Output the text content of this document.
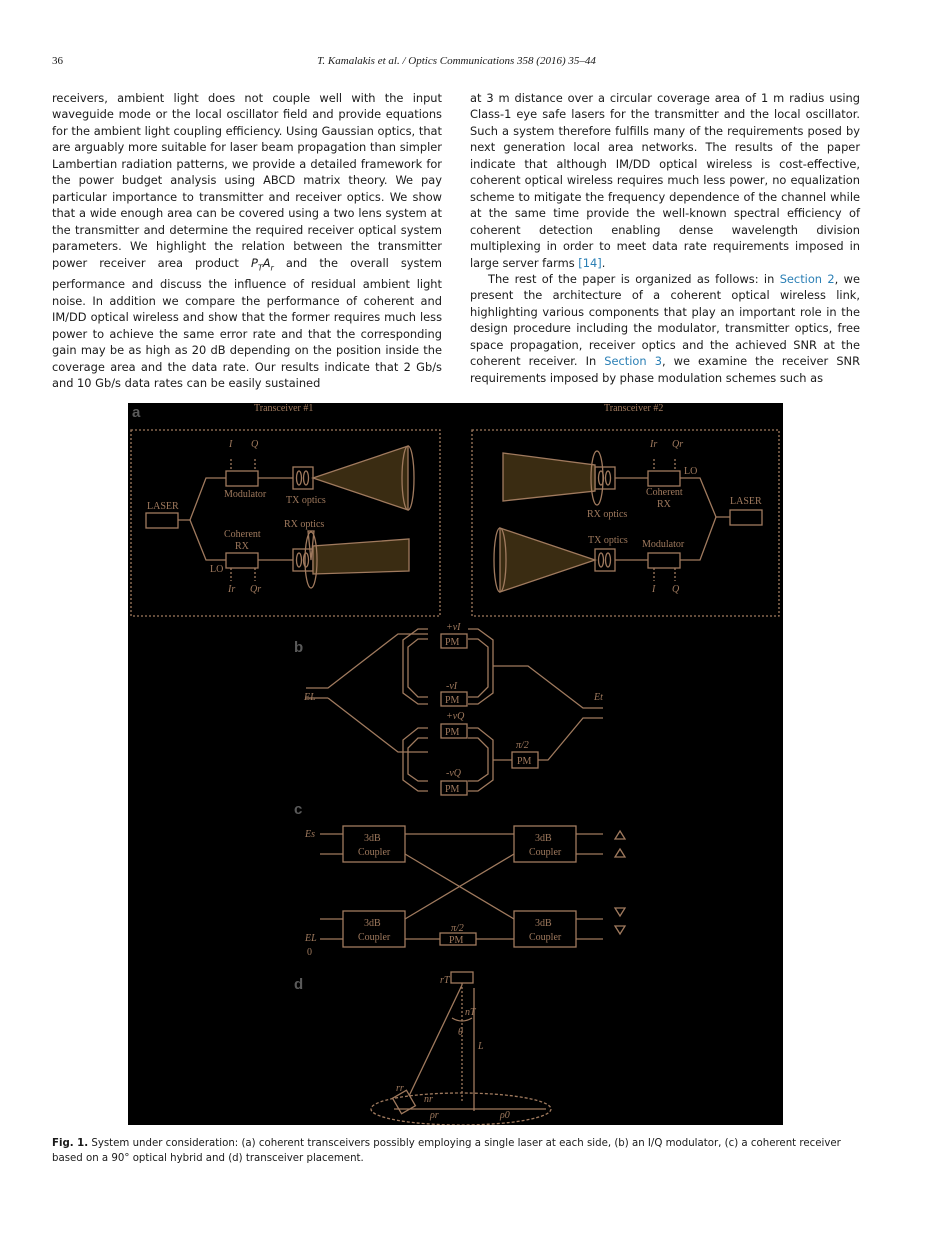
36	T. Kamalakis et al. / Optics Communications 358 (2016) 35–44

receivers, ambient light does not couple well with the input waveguide mode or the local oscillator field and provide equations for the ambient light coupling efficiency. Using Gaussian optics, that are arguably more suitable for laser beam propagation than simpler Lambertian radiation patterns, we provide a detailed framework for the power budget analysis using ABCD matrix theory. We pay particular importance to transmitter and receiver optics. We show that a wide enough area can be covered using a two lens system at the transmitter and determine the required receiver optical system parameters. We highlight the relation between the transmitter power receiver area product $P_TA_r$ and the overall system performance and discuss the influence of residual ambient light noise. In addition we compare the performance of coherent and IM/DD optical wireless and show that the former requires much less power to achieve the same error rate and that the corresponding gain may be as high as 20 dB depending on the position inside the coverage area and the data rate. Our results indicate that 2 Gb/s and 10 Gb/s data rates can be easily sustained

at 3 m distance over a circular coverage area of 1 m radius using Class-1 eye safe lasers for the transmitter and the local oscillator. Such a system therefore fulfills many of the requirements posed by next generation local area networks. The results of the paper indicate that although IM/DD optical wireless is cost-effective, coherent optical wireless requires much less power, no equalization scheme to mitigate the frequency dependence of the channel while at the same time provide the well-known spectral efficiency of coherent detection enabling dense wavelength division multiplexing in order to meet data rate requirements imposed in large server farms [14].

The rest of the paper is organized as follows: in Section 2, we present the architecture of a coherent optical wireless link, highlighting various components that play an important role in the design procedure including the modulator, transmitter optics, free space propagation, receiver optics and the achieved SNR at the coherent receiver. In Section 3, we examine the receiver SNR requirements imposed by phase modulation schemes such as

a
b
c
d
Transceiver #1	Transceiver #2
LASER
Modulator
TX optics
RX optics
Coherent
RX
LO
I Q
Ir Qr
LASER
LO
Coherent
RX
RX optics
TX optics Modulator
Ir Qr
I Q
PM
PM
PM
PM
PM
+vI
-vI
+vQ
-vQ
π/2
EL	Et
3dB
Coupler
3dB
Coupler
3dB
Coupler
3dB
Coupler
PM
π/2
Es
EL
0
rT
nT
L
rr
nr
ρr	ρ0
θ
Fig. 1. System under consideration: (a) coherent transceivers possibly employing a single laser at each side, (b) an I/Q modulator, (c) a coherent receiver based on a 90° optical hybrid and (d) transceiver placement.
